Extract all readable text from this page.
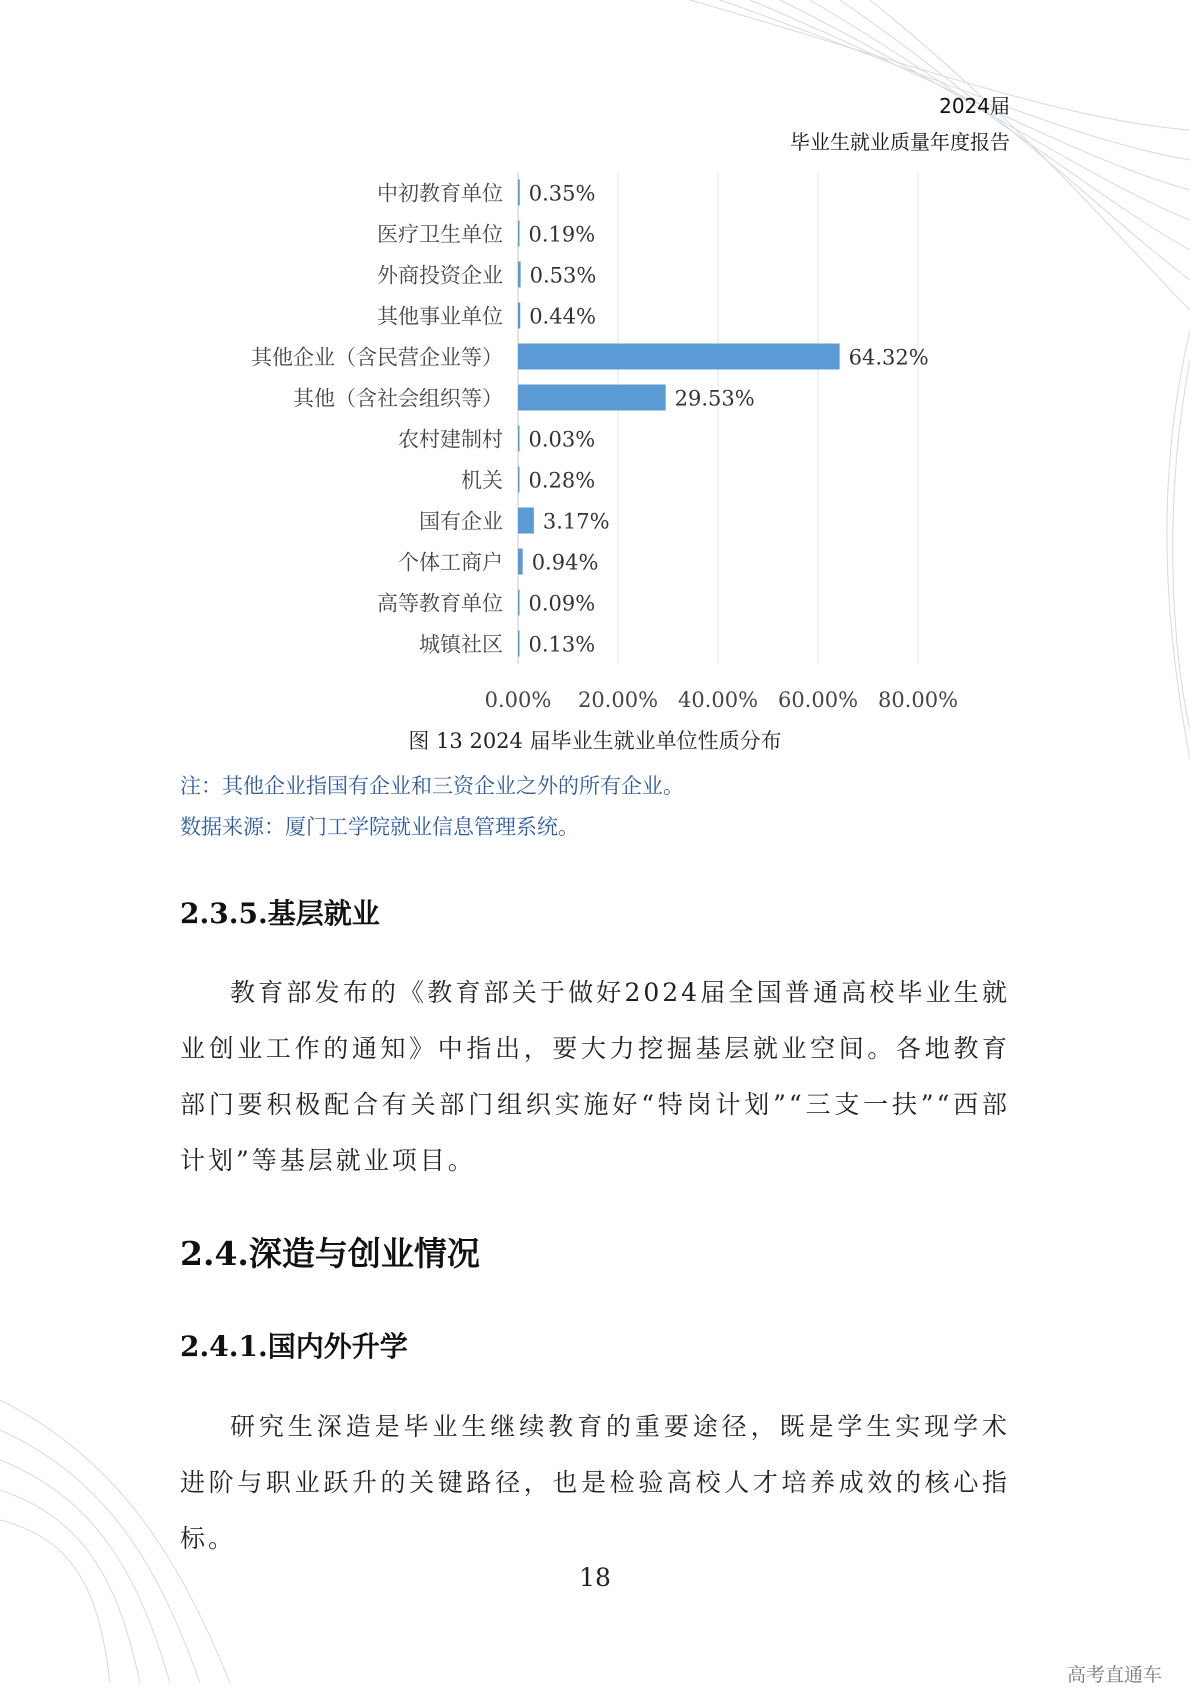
2024届
毕业生就业质量年度报告
0.00% 20.00% 40.00% 60.00% 80.00%
中初教育单位 0.35%
医疗卫生单位 0.19%
外商投资企业 0.53%
其他事业单位 0.44%
其他企业（含民营企业等）	64.32%
其他（含社会组织等）	29.53%
农村建制村 0.03%
机关 0.28%
国有企业 3.17%
个体工商户 0.94%
高等教育单位 0.09%
城镇社区 0.13%
图 13 2024 届毕业生就业单位性质分布
注：其他企业指国有企业和三资企业之外的所有企业。
数据来源：厦门工学院就业信息管理系统。
2.3.5.基层就业
教育部发布的《教育部关于做好2024届全国普通高校毕业生就业创业工作的通知》中指出，要大力挖掘基层就业空间。各地教育部门要积极配合有关部门组织实施好“特岗计划”“三支一扶”“西部计划”等基层就业项目。
2.4.深造与创业情况
2.4.1.国内外升学
研究生深造是毕业生继续教育的重要途径，既是学生实现学术进阶与职业跃升的关键路径，也是检验高校人才培养成效的核心指标。
18
高考直通车
